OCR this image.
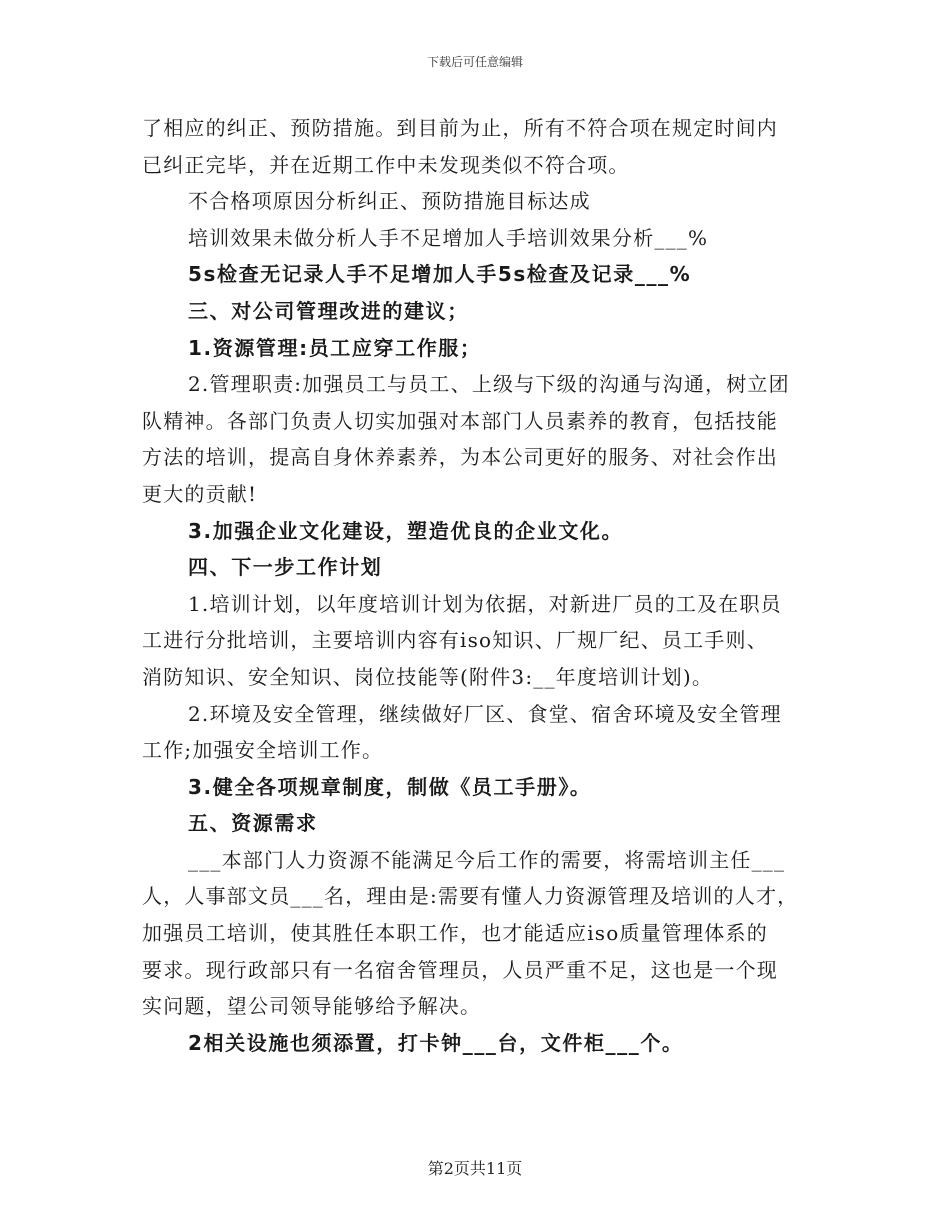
下载后可任意编辑
了相应的纠正、预防措施。到目前为止，所有不符合项在规定时间内
已纠正完毕，并在近期工作中未发现类似不符合项。
不合格项原因分析纠正、预防措施目标达成
培训效果未做分析人手不足增加人手培训效果分析___%
5s检查无记录人手不足增加人手5s检查及记录___%
三、对公司管理改进的建议；
1.资源管理:员工应穿工作服；
2.管理职责:加强员工与员工、上级与下级的沟通与沟通，树立团
队精神。各部门负责人切实加强对本部门人员素养的教育，包括技能
方法的培训，提高自身休养素养，为本公司更好的服务、对社会作出
更大的贡献!
3.加强企业文化建设，塑造优良的企业文化。
四、下一步工作计划
1.培训计划，以年度培训计划为依据，对新进厂员的工及在职员
工进行分批培训，主要培训内容有iso知识、厂规厂纪、员工手则、
消防知识、安全知识、岗位技能等(附件3:__年度培训计划)。
2.环境及安全管理，继续做好厂区、食堂、宿舍环境及安全管理
工作;加强安全培训工作。
3.健全各项规章制度，制做《员工手册》。
五、资源需求
___本部门人力资源不能满足今后工作的需要，将需培训主任___
人，人事部文员___名，理由是:需要有懂人力资源管理及培训的人才，
加强员工培训，使其胜任本职工作，也才能适应iso质量管理体系的
要求。现行政部只有一名宿舍管理员，人员严重不足，这也是一个现
实问题，望公司领导能够给予解决。
2相关设施也须添置，打卡钟___台，文件柜___个。
第2页共11页
